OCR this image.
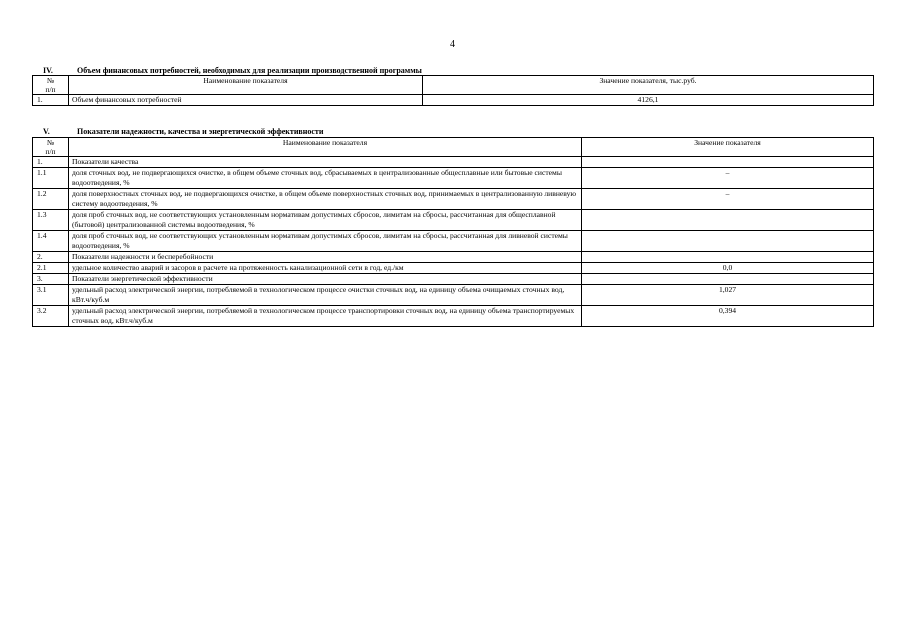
4
IV.	Объем финансовых потребностей, необходимых для реализации производственной программы
№
п/п	Наименование показателя	Значение показателя, тыс.руб.
1.	Объем финансовых потребностей	4126,1
V.	Показатели надежности, качества и энергетической эффективности
№
п/п	Наименование показателя	Значение показателя
1.	Показатели качества	
1.1	доля сточных вод, не подвергающихся очистке, в общем объеме сточных вод, сбрасываемых в централизованные общесплавные или бытовые системы водоотведения, %	–
1.2	доля поверхностных сточных вод, не подвергающихся очистке, в общем объеме поверхностных сточных вод, принимаемых в централизованную ливневую систему водоотведения, %	–
1.3	доля проб сточных вод, не соответствующих установленным нормативам допустимых сбросов, лимитам на сбросы, рассчитанная для общесплавной (бытовой) централизованной системы водоотведения, %	
1.4	доля проб сточных вод, не соответствующих установленным нормативам допустимых сбросов, лимитам на сбросы, рассчитанная для ливневой системы водоотведения, %	
2.	Показатели надежности и бесперебойности	
2.1	удельное количество аварий и засоров в расчете на протяженность канализационной сети в год, ед./км	0,0
3.	Показатели энергетической эффективности	
3.1	удельный расход электрической энергии, потребляемой в технологическом процессе очистки сточных вод, на единицу объема очищаемых сточных вод, кВт.ч/куб.м	1,027
3.2	удельный расход электрической энергии, потребляемой в технологическом процессе транспортировки сточных вод, на единицу объема транспортируемых сточных вод, кВт.ч/куб.м	0,394
